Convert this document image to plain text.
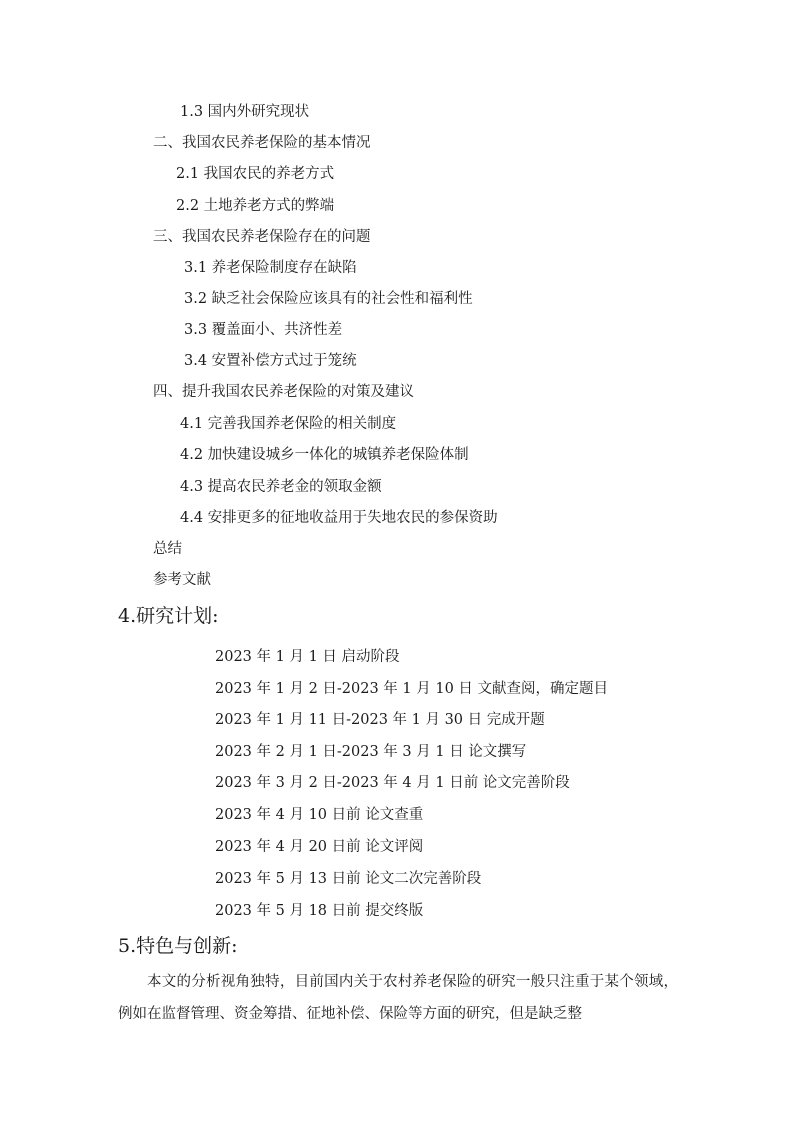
1.3 国内外研究现状
二、我国农民养老保险的基本情况
2.1 我国农民的养老方式
2.2 土地养老方式的弊端
三、我国农民养老保险存在的问题
3.1 养老保险制度存在缺陷
3.2 缺乏社会保险应该具有的社会性和福利性
3.3 覆盖面小、共济性差
3.4 安置补偿方式过于笼统
四、提升我国农民养老保险的对策及建议
4.1 完善我国养老保险的相关制度
4.2 加快建设城乡一体化的城镇养老保险体制
4.3 提高农民养老金的领取金额
4.4 安排更多的征地收益用于失地农民的参保资助
总结
参考文献
4.研究计划:
2023 年 1 月 1 日 启动阶段
2023 年 1 月 2 日-2023 年 1 月 10 日 文献查阅，确定题目
2023 年 1 月 11 日-2023 年 1 月 30 日 完成开题
2023 年 2 月 1 日-2023 年 3 月 1 日 论文撰写
2023 年 3 月 2 日-2023 年 4 月 1 日前 论文完善阶段
2023 年 4 月 10 日前 论文查重
2023 年 4 月 20 日前 论文评阅
2023 年 5 月 13 日前 论文二次完善阶段
2023 年 5 月 18 日前 提交终版
5.特色与创新:
本文的分析视角独特，目前国内关于农村养老保险的研究一般只注重于某个领域，例如在监督管理、资金筹措、征地补偿、保险等方面的研究，但是缺乏整
